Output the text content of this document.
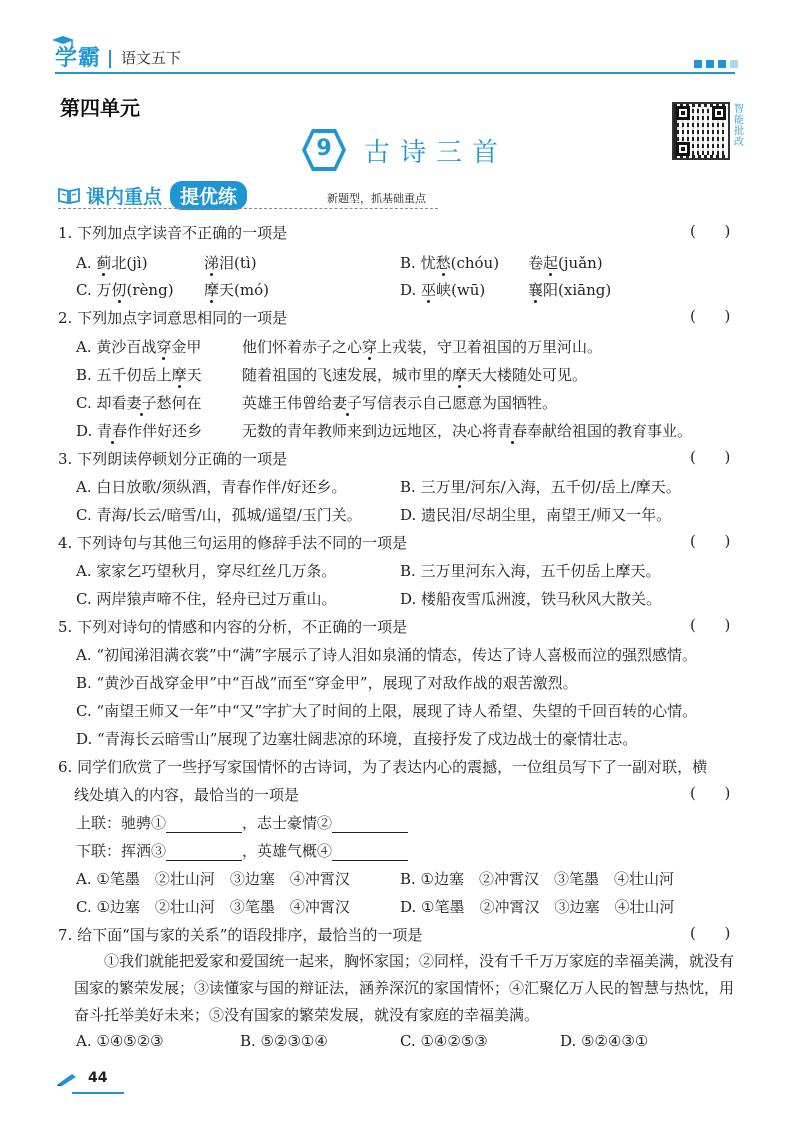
学霸 语文五下
第四单元
9	古诗三首
智能批改
课内重点 提优练	新题型，抓基础重点
1. 下列加点字读音不正确的一项是	(      )
A. 蓟北(jì)	涕泪(tì)	B. 忧愁(chóu) 卷起(juǎn)
C. 万仞(rèng) 摩天(mó)	D. 巫峡(wū)	襄阳(xiāng)
2. 下列加点字词意思相同的一项是	(      )
A. 黄沙百战穿金甲	他们怀着赤子之心穿上戎装，守卫着祖国的万里河山。
B. 五千仞岳上摩天	随着祖国的飞速发展，城市里的摩天大楼随处可见。
C. 却看妻子愁何在	英雄王伟曾给妻子写信表示自己愿意为国牺牲。
D. 青春作伴好还乡	无数的青年教师来到边远地区，决心将青春奉献给祖国的教育事业。
3. 下列朗读停顿划分正确的一项是	(      )
A. 白日放歌/须纵酒，青春作伴/好还乡。	B. 三万里/河东/入海，五千仞/岳上/摩天。
C. 青海/长云/暗雪/山，孤城/遥望/玉门关。	D. 遗民泪/尽胡尘里，南望王/师又一年。
4. 下列诗句与其他三句运用的修辞手法不同的一项是	(      )
A. 家家乞巧望秋月，穿尽红丝几万条。	B. 三万里河东入海，五千仞岳上摩天。
C. 两岸猿声啼不住，轻舟已过万重山。	D. 楼船夜雪瓜洲渡，铁马秋风大散关。
5. 下列对诗句的情感和内容的分析，不正确的一项是	(      )
A. “初闻涕泪满衣裳”中“满”字展示了诗人泪如泉涌的情态，传达了诗人喜极而泣的强烈感情。
B. “黄沙百战穿金甲”中“百战”而至“穿金甲”，展现了对敌作战的艰苦激烈。
C. “南望王师又一年”中“又”字扩大了时间的上限，展现了诗人希望、失望的千回百转的心情。
D. “青海长云暗雪山”展现了边塞壮阔悲凉的环境，直接抒发了戍边战士的豪情壮志。
6. 同学们欣赏了一些抒写家国情怀的古诗词，为了表达内心的震撼，一位组员写下了一副对联，横
线处填入的内容，最恰当的一项是	(      )
上联：驰骋①	，志士豪情②
下联：挥洒③	，英雄气概④
A. ①笔墨　②壮山河　③边塞　④冲霄汉	B. ①边塞　②冲霄汉　③笔墨　④壮山河
C. ①边塞　②壮山河　③笔墨　④冲霄汉	D. ①笔墨　②冲霄汉　③边塞　④壮山河
7. 给下面“国与家的关系”的语段排序，最恰当的一项是	(      )
①我们就能把爱家和爱国统一起来，胸怀家国；②同样，没有千千万万家庭的幸福美满，就没有国家的繁荣发展；③读懂家与国的辩证法，涵养深沉的家国情怀；④汇聚亿万人民的智慧与热忱，用奋斗托举美好未来；⑤没有国家的繁荣发展，就没有家庭的幸福美满。
A. ①④⑤②③	B. ⑤②③①④	C. ①④②⑤③	D. ⑤②④③①
44
